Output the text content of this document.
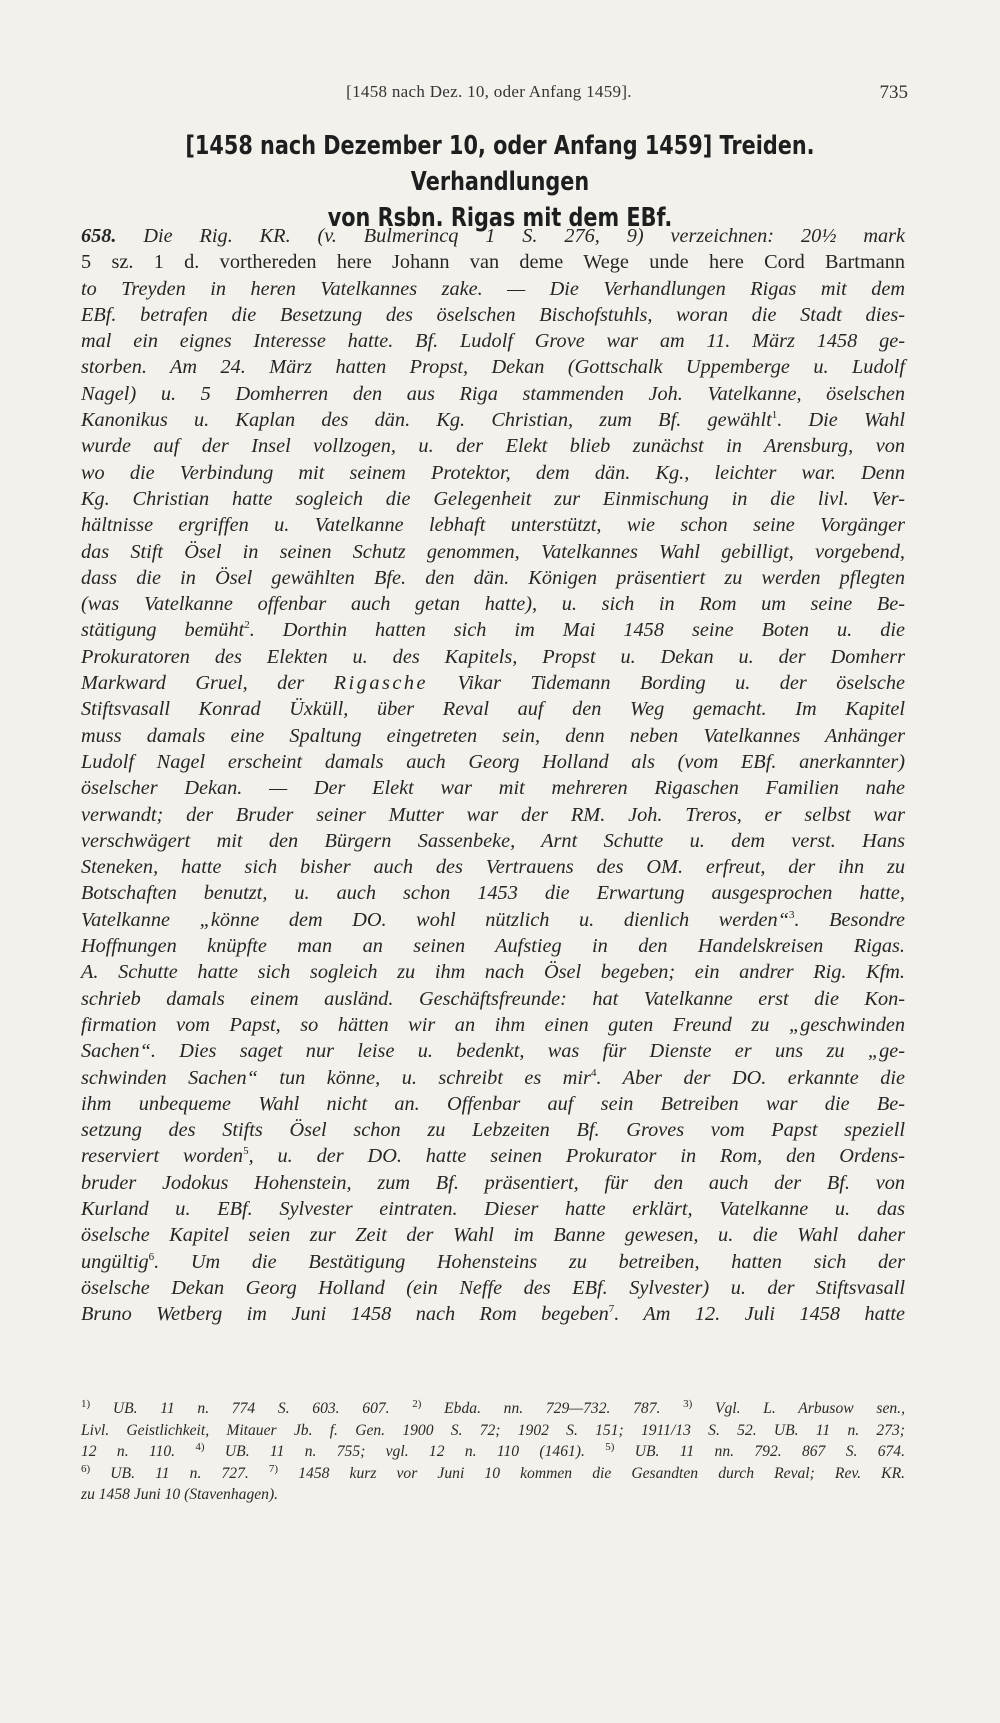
[1458 nach Dez. 10, oder Anfang 1459].	735
[1458 nach Dezember 10, oder Anfang 1459] Treiden. Verhandlungen
von Rsbn. Rigas mit dem EBf.
658. Die Rig. KR. (v. Bulmerincq 1 S. 276, 9) verzeichnen: 20½ mark
5 sz. 1 d. vorthereden here Johann van deme Wege unde here Cord Bartmann
to Treyden in heren Vatelkannes zake. — Die Verhandlungen Rigas mit dem
EBf. betrafen die Besetzung des öselschen Bischofstuhls, woran die Stadt dies-
mal ein eignes Interesse hatte. Bf. Ludolf Grove war am 11. März 1458 ge-
storben. Am 24. März hatten Propst, Dekan (Gottschalk Uppemberge u. Ludolf
Nagel) u. 5 Domherren den aus Riga stammenden Joh. Vatelkanne, öselschen
Kanonikus u. Kaplan des dän. Kg. Christian, zum Bf. gewählt$^1$. Die Wahl
wurde auf der Insel vollzogen, u. der Elekt blieb zunächst in Arensburg, von
wo die Verbindung mit seinem Protektor, dem dän. Kg., leichter war. Denn
Kg. Christian hatte sogleich die Gelegenheit zur Einmischung in die livl. Ver-
hältnisse ergriffen u. Vatelkanne lebhaft unterstützt, wie schon seine Vorgänger
das Stift Ösel in seinen Schutz genommen, Vatelkannes Wahl gebilligt, vorgebend,
dass die in Ösel gewählten Bfe. den dän. Königen präsentiert zu werden pflegten
(was Vatelkanne offenbar auch getan hatte), u. sich in Rom um seine Be-
stätigung bemüht$^2$. Dorthin hatten sich im Mai 1458 seine Boten u. die
Prokuratoren des Elekten u. des Kapitels, Propst u. Dekan u. der Domherr
Markward Gruel, der Rigasche Vikar Tidemann Bording u. der öselsche
Stiftsvasall Konrad Üxküll, über Reval auf den Weg gemacht. Im Kapitel
muss damals eine Spaltung eingetreten sein, denn neben Vatelkannes Anhänger
Ludolf Nagel erscheint damals auch Georg Holland als (vom EBf. anerkannter)
öselscher Dekan. — Der Elekt war mit mehreren Rigaschen Familien nahe
verwandt; der Bruder seiner Mutter war der RM. Joh. Treros, er selbst war
verschwägert mit den Bürgern Sassenbeke, Arnt Schutte u. dem verst. Hans
Steneken, hatte sich bisher auch des Vertrauens des OM. erfreut, der ihn zu
Botschaften benutzt, u. auch schon 1453 die Erwartung ausgesprochen hatte,
Vatelkanne „könne dem DO. wohl nützlich u. dienlich werden“$^3$. Besondre
Hoffnungen knüpfte man an seinen Aufstieg in den Handelskreisen Rigas.
A. Schutte hatte sich sogleich zu ihm nach Ösel begeben; ein andrer Rig. Kfm.
schrieb damals einem ausländ. Geschäftsfreunde: hat Vatelkanne erst die Kon-
firmation vom Papst, so hätten wir an ihm einen guten Freund zu „geschwinden
Sachen“. Dies saget nur leise u. bedenkt, was für Dienste er uns zu „ge-
schwinden Sachen“ tun könne, u. schreibt es mir$^4$. Aber der DO. erkannte die
ihm unbequeme Wahl nicht an. Offenbar auf sein Betreiben war die Be-
setzung des Stifts Ösel schon zu Lebzeiten Bf. Groves vom Papst speziell
reserviert worden$^5$, u. der DO. hatte seinen Prokurator in Rom, den Ordens-
bruder Jodokus Hohenstein, zum Bf. präsentiert, für den auch der Bf. von
Kurland u. EBf. Sylvester eintraten. Dieser hatte erklärt, Vatelkanne u. das
öselsche Kapitel seien zur Zeit der Wahl im Banne gewesen, u. die Wahl daher
ungültig$^6$. Um die Bestätigung Hohensteins zu betreiben, hatten sich der
öselsche Dekan Georg Holland (ein Neffe des EBf. Sylvester) u. der Stiftsvasall
Bruno Wetberg im Juni 1458 nach Rom begeben$^7$. Am 12. Juli 1458 hatte
$^{1)}$ UB. 11 n. 774 S. 603. 607. $^{2)}$ Ebda. nn. 729—732. 787. $^{3)}$ Vgl. L. Arbusow sen.,
Livl. Geistlichkeit, Mitauer Jb. f. Gen. 1900 S. 72; 1902 S. 151; 1911/13 S. 52. UB. 11 n. 273;
12 n. 110. $^{4)}$ UB. 11 n. 755; vgl. 12 n. 110 (1461). $^{5)}$ UB. 11 nn. 792. 867 S. 674.
$^{6)}$ UB. 11 n. 727. $^{7)}$ 1458 kurz vor Juni 10 kommen die Gesandten durch Reval; Rev. KR.
zu 1458 Juni 10 (Stavenhagen).
